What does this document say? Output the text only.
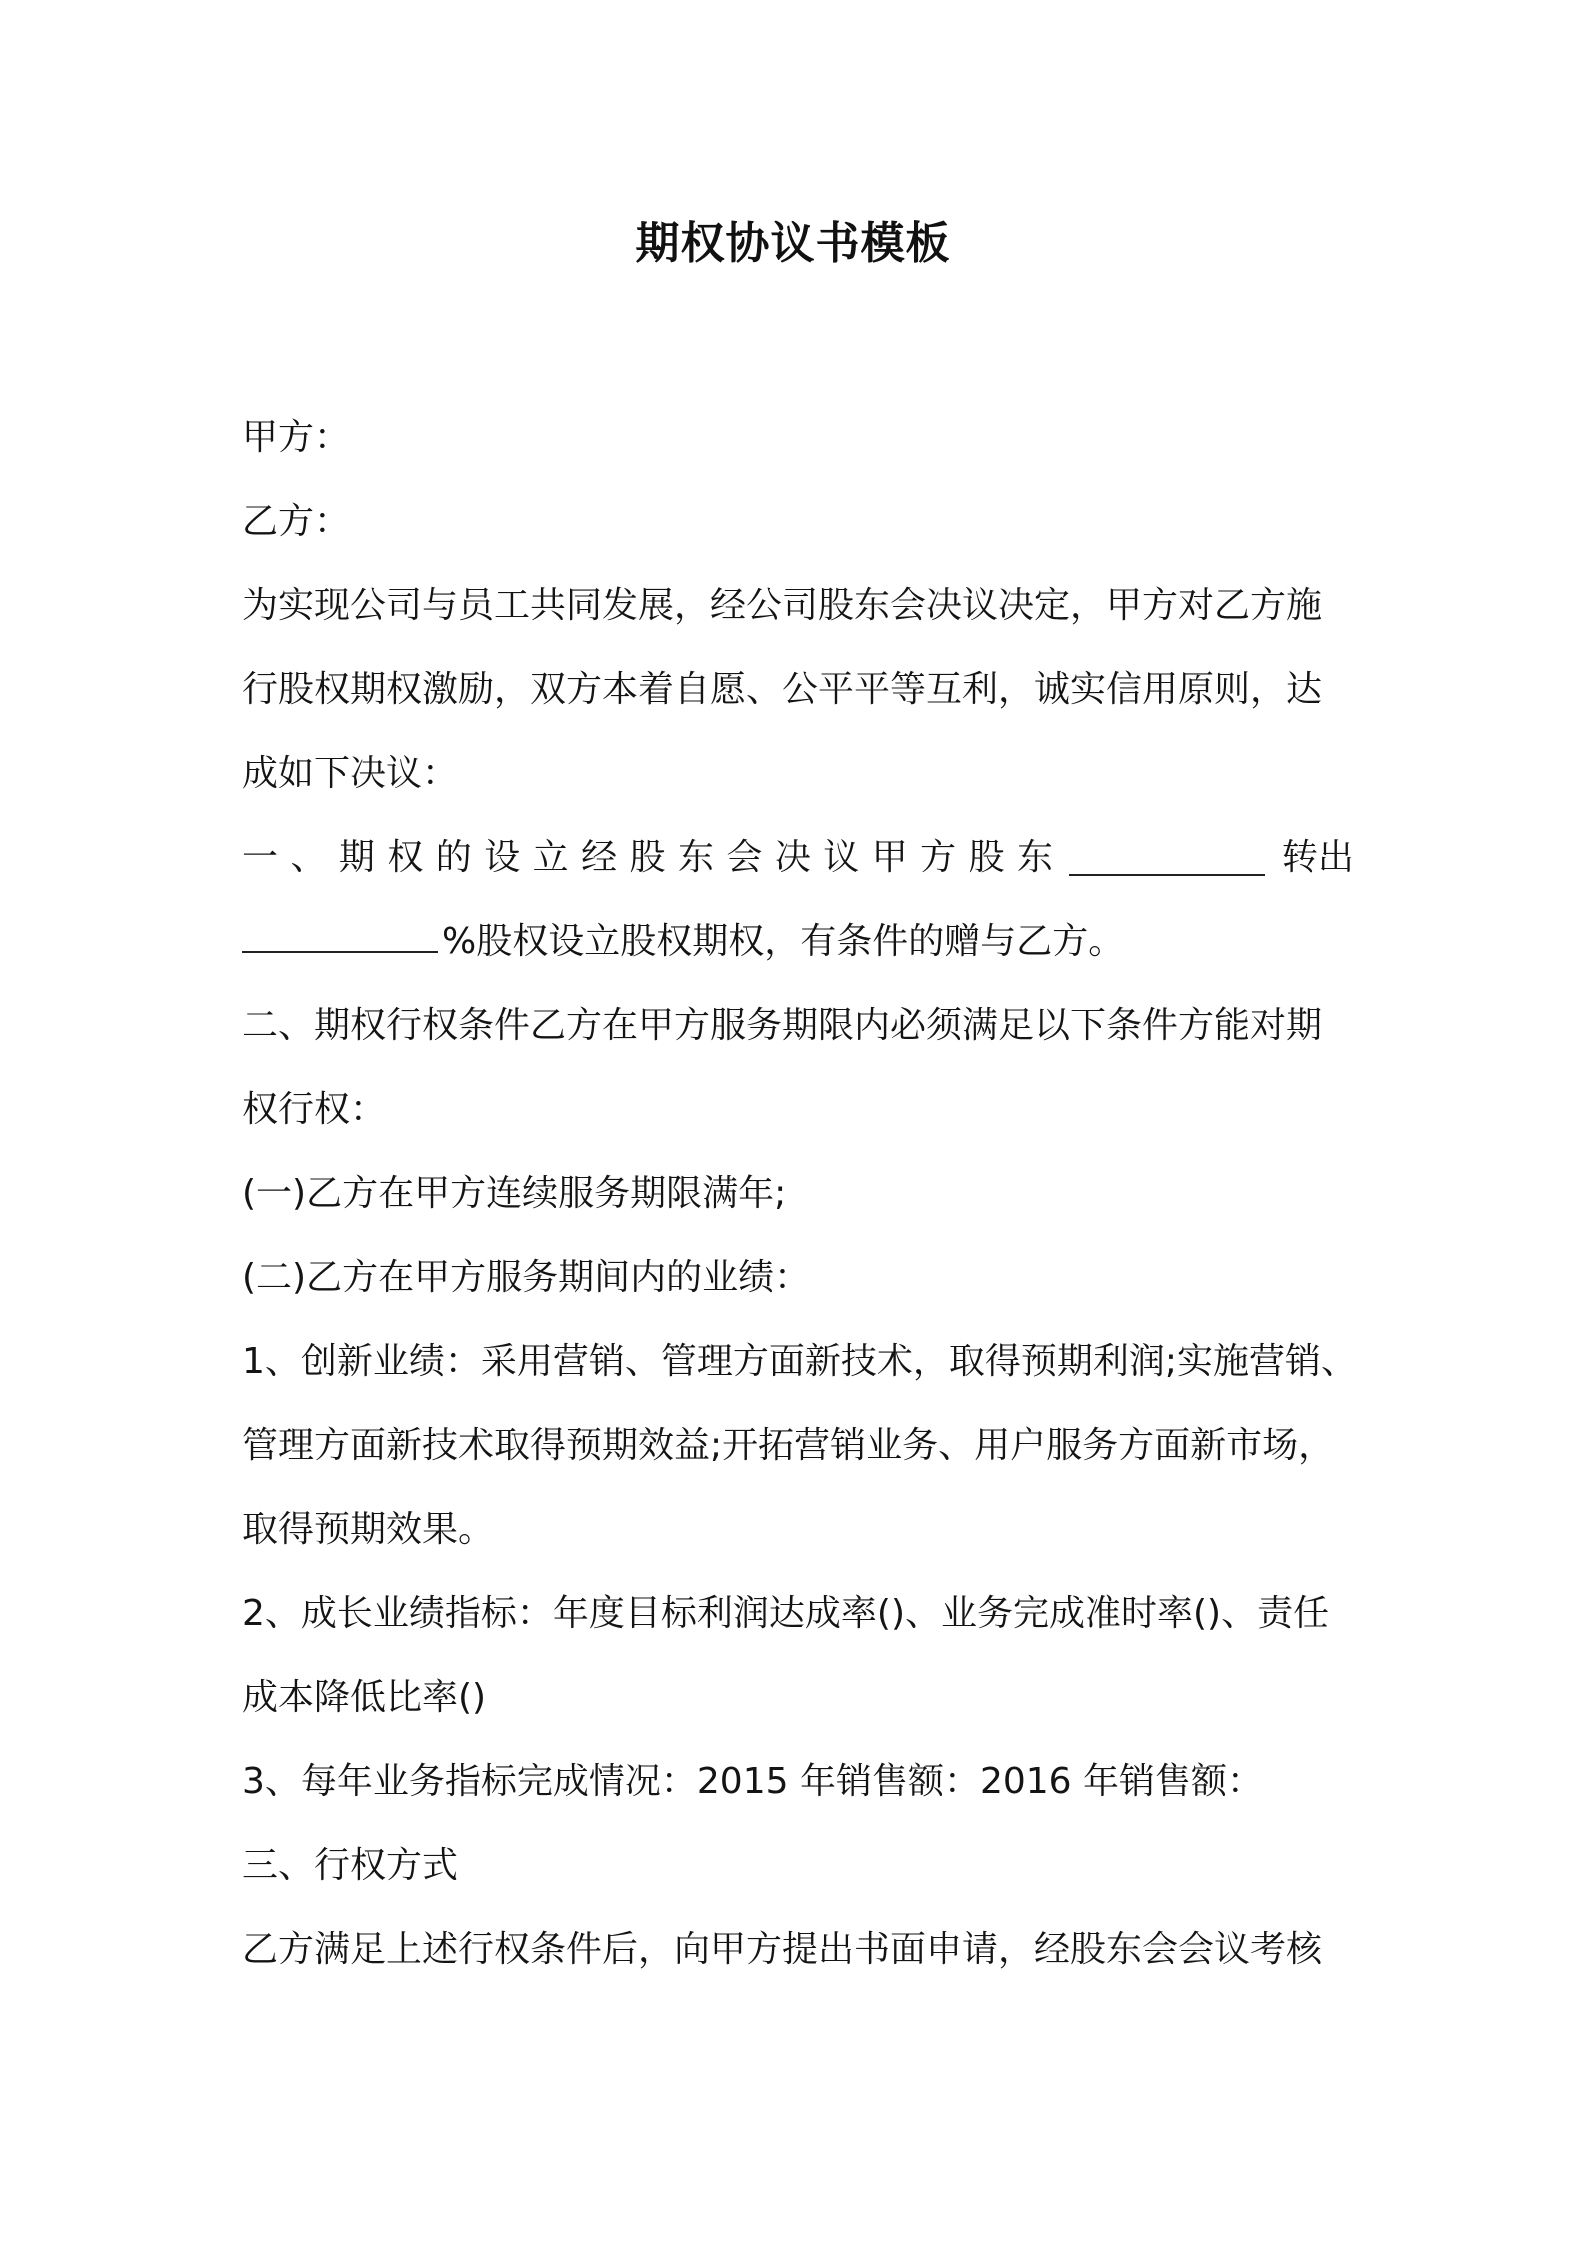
期权协议书模板

甲方：

乙方：

为实现公司与员工共同发展，经公司股东会决议决定，甲方对乙方施

行股权期权激励，双方本着自愿、公平平等互利，诚实信用原则，达

成如下决议：

一 、 期 权 的 设 立 经 股 东 会 决 议 甲 方 股 东	转出

%股权设立股权期权，有条件的赠与乙方。

二、期权行权条件乙方在甲方服务期限内必须满足以下条件方能对期

权行权：

(一)乙方在甲方连续服务期限满年;

(二)乙方在甲方服务期间内的业绩：

1、创新业绩：采用营销、管理方面新技术，取得预期利润;实施营销、

管理方面新技术取得预期效益;开拓营销业务、用户服务方面新市场，

取得预期效果。

2、成长业绩指标：年度目标利润达成率()、业务完成准时率()、责任

成本降低比率()

3、每年业务指标完成情况：2015 年销售额：2016 年销售额：

三、行权方式

乙方满足上述行权条件后，向甲方提出书面申请，经股东会会议考核
